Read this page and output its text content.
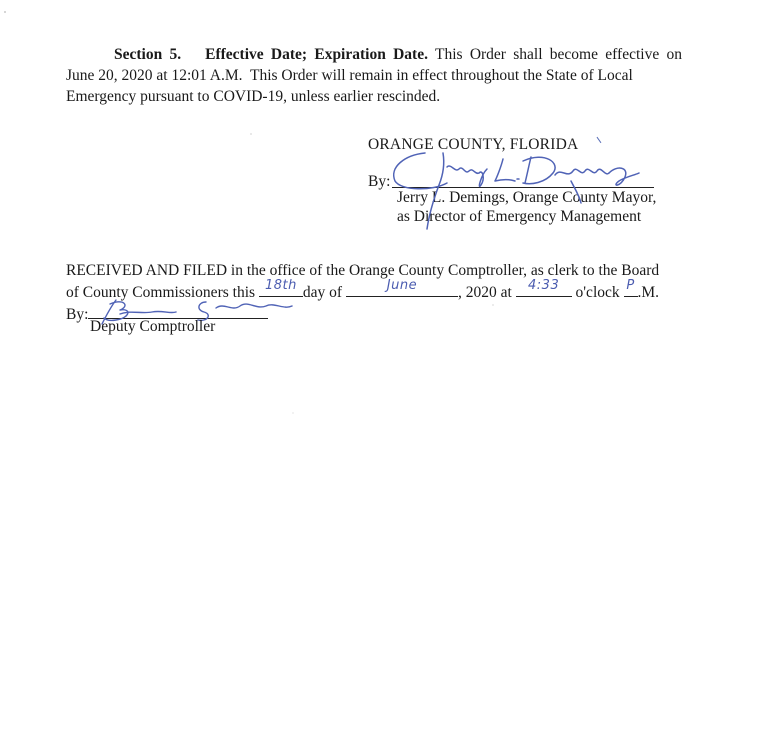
Section 5. Effective Date; Expiration Date. This Order shall become effective on
June 20, 2020 at 12:01 A.M.  This Order will remain in effect throughout the State of Local
Emergency pursuant to COVID-19, unless earlier rescinded.
ORANGE COUNTY, FLORIDA
By:
Jerry L. Demings, Orange County Mayor,
as Director of Emergency Management
RECEIVED AND FILED in the office of the Orange County Comptroller, as clerk to the Board
of County Commissioners this 18th day of	June	, 2020 at	4:33	o'clock P .M.
By:
Deputy Comptroller
